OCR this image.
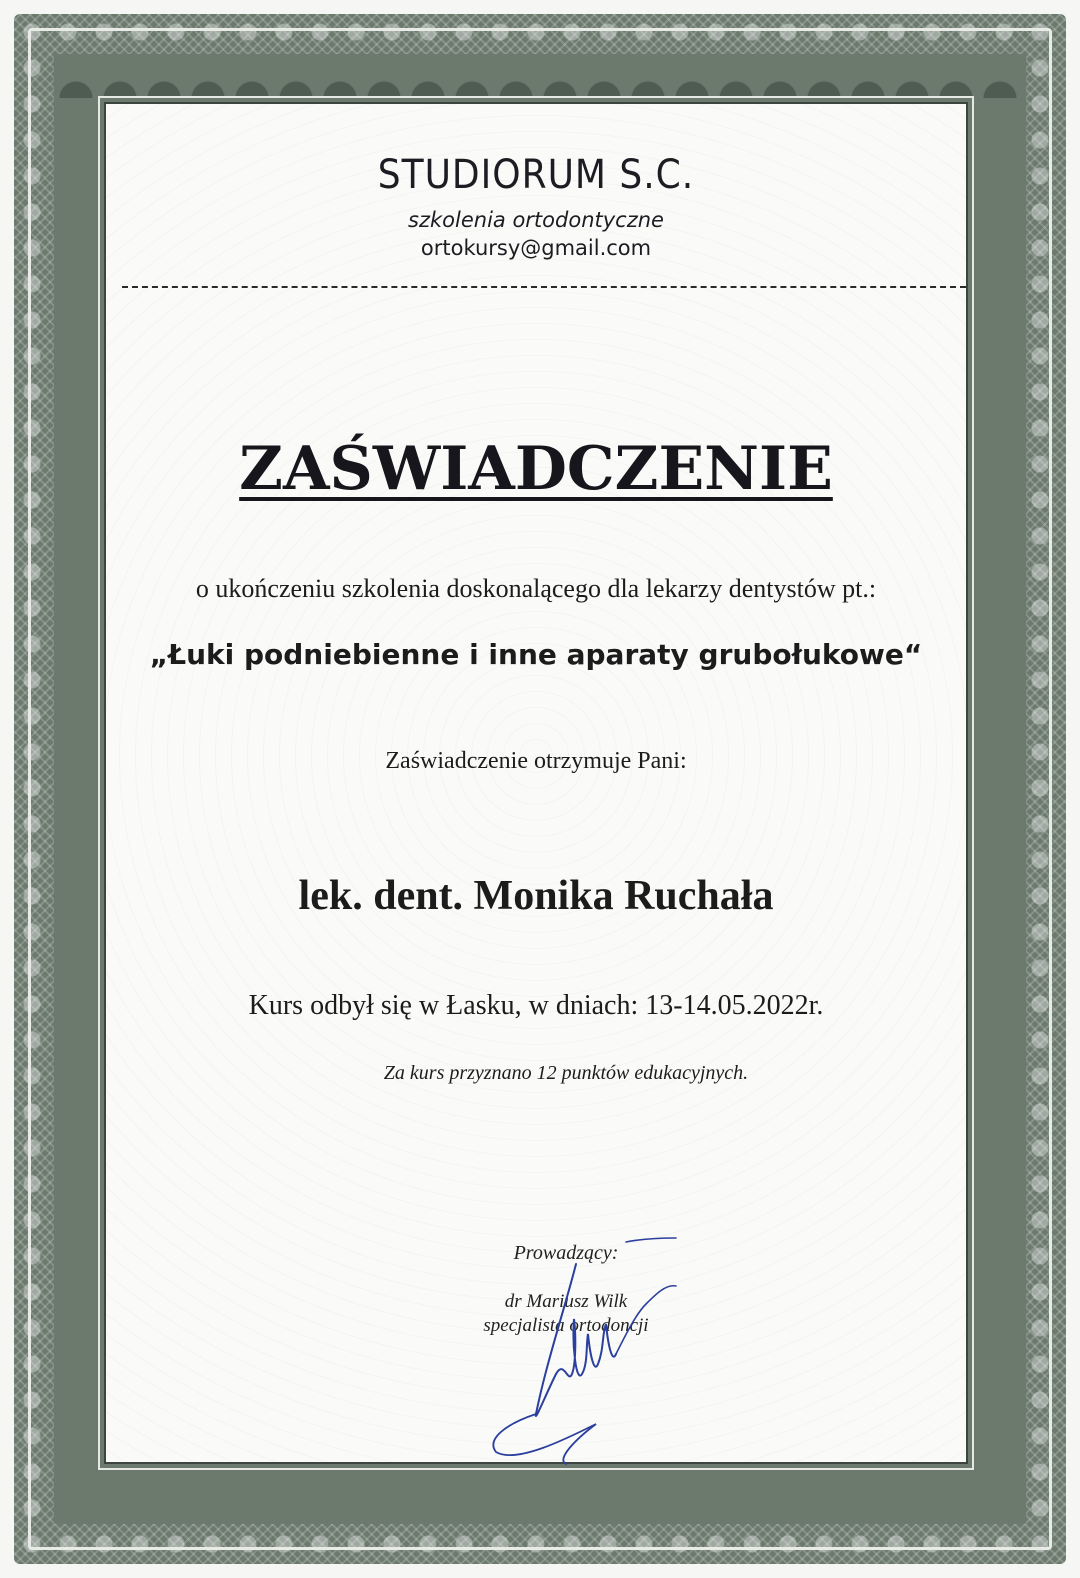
STUDIORUM S.C.
szkolenia ortodontyczne
ortokursy@gmail.com
ZAŚWIADCZENIE
o ukończeniu szkolenia doskonalącego dla lekarzy dentystów pt.:
„Łuki podniebienne i inne aparaty grubołukowe“
Zaświadczenie otrzymuje Pani:
lek. dent. Monika Ruchała
Kurs odbył się w Łasku, w dniach: 13-14.05.2022r.
Za kurs przyznano 12 punktów edukacyjnych.
Prowadzący:
dr Mariusz Wilk
specjalista ortodoncji
